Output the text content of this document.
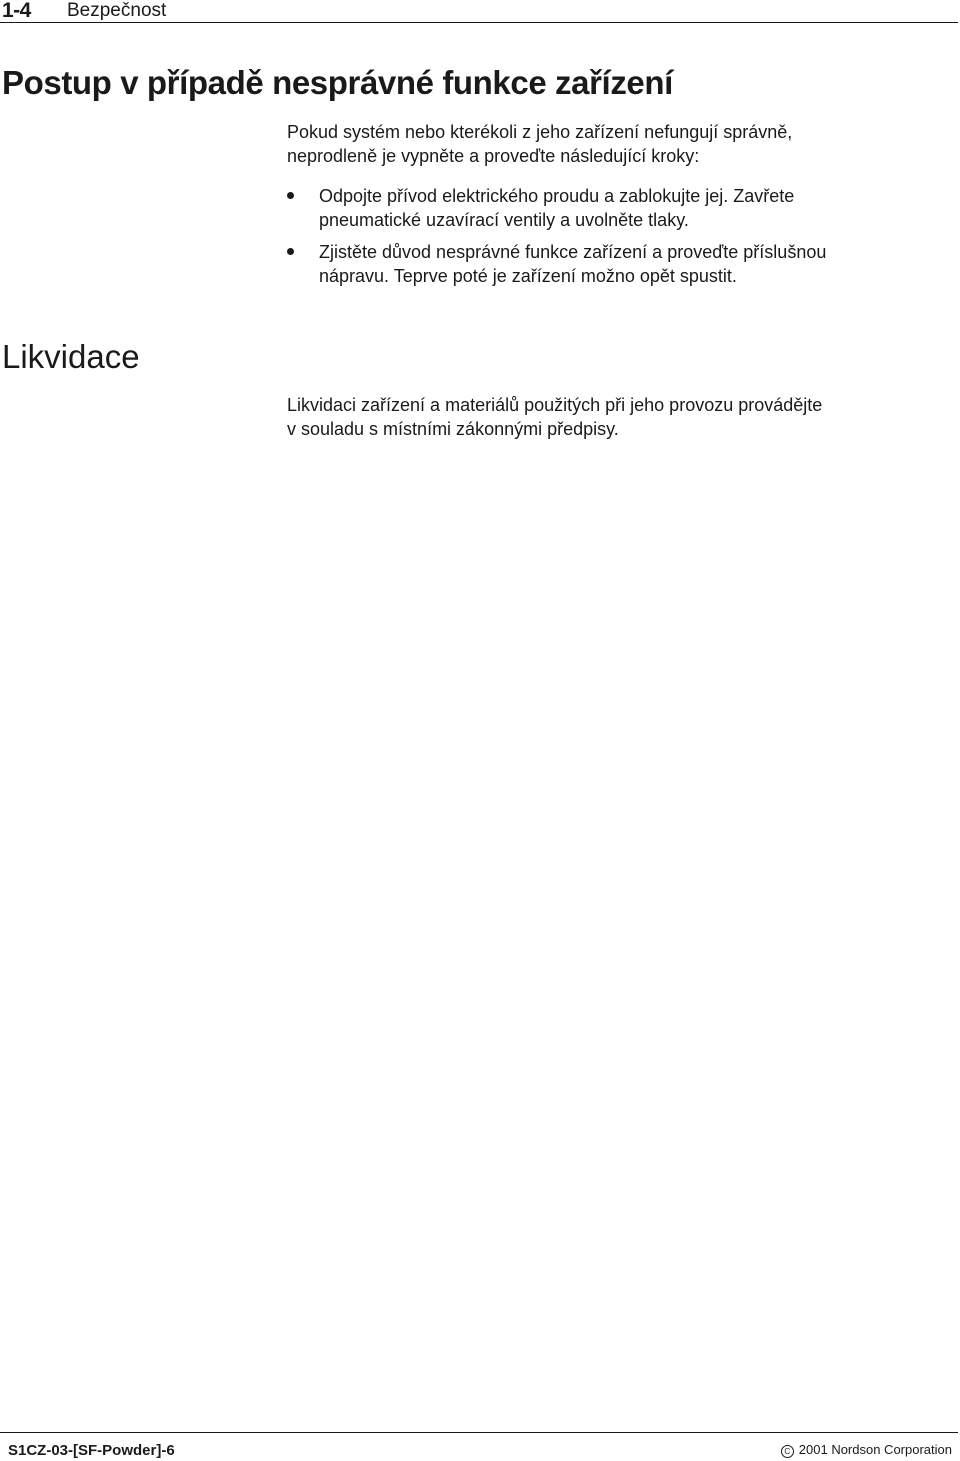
1-4 Bezpečnost
Postup v případě nesprávné funkce zařízení

Pokud systém nebo kterékoli z jeho zařízení nefungují správně,

neprodleně je vypněte a proveďte následující kroky:

Odpojte přívod elektrického proudu a zablokujte jej. Zavřete

pneumatické uzavírací ventily a uvolněte tlaky.

Zjistěte důvod nesprávné funkce zařízení a proveďte příslušnou

nápravu. Teprve poté je zařízení možno opět spustit.

Likvidace

Likvidaci zařízení a materiálů použitých při jeho provozu provádějte

v souladu s místními zákonnými předpisy.

S1CZ-03-[SF-Powder]-6	C 2001 Nordson Corporation
